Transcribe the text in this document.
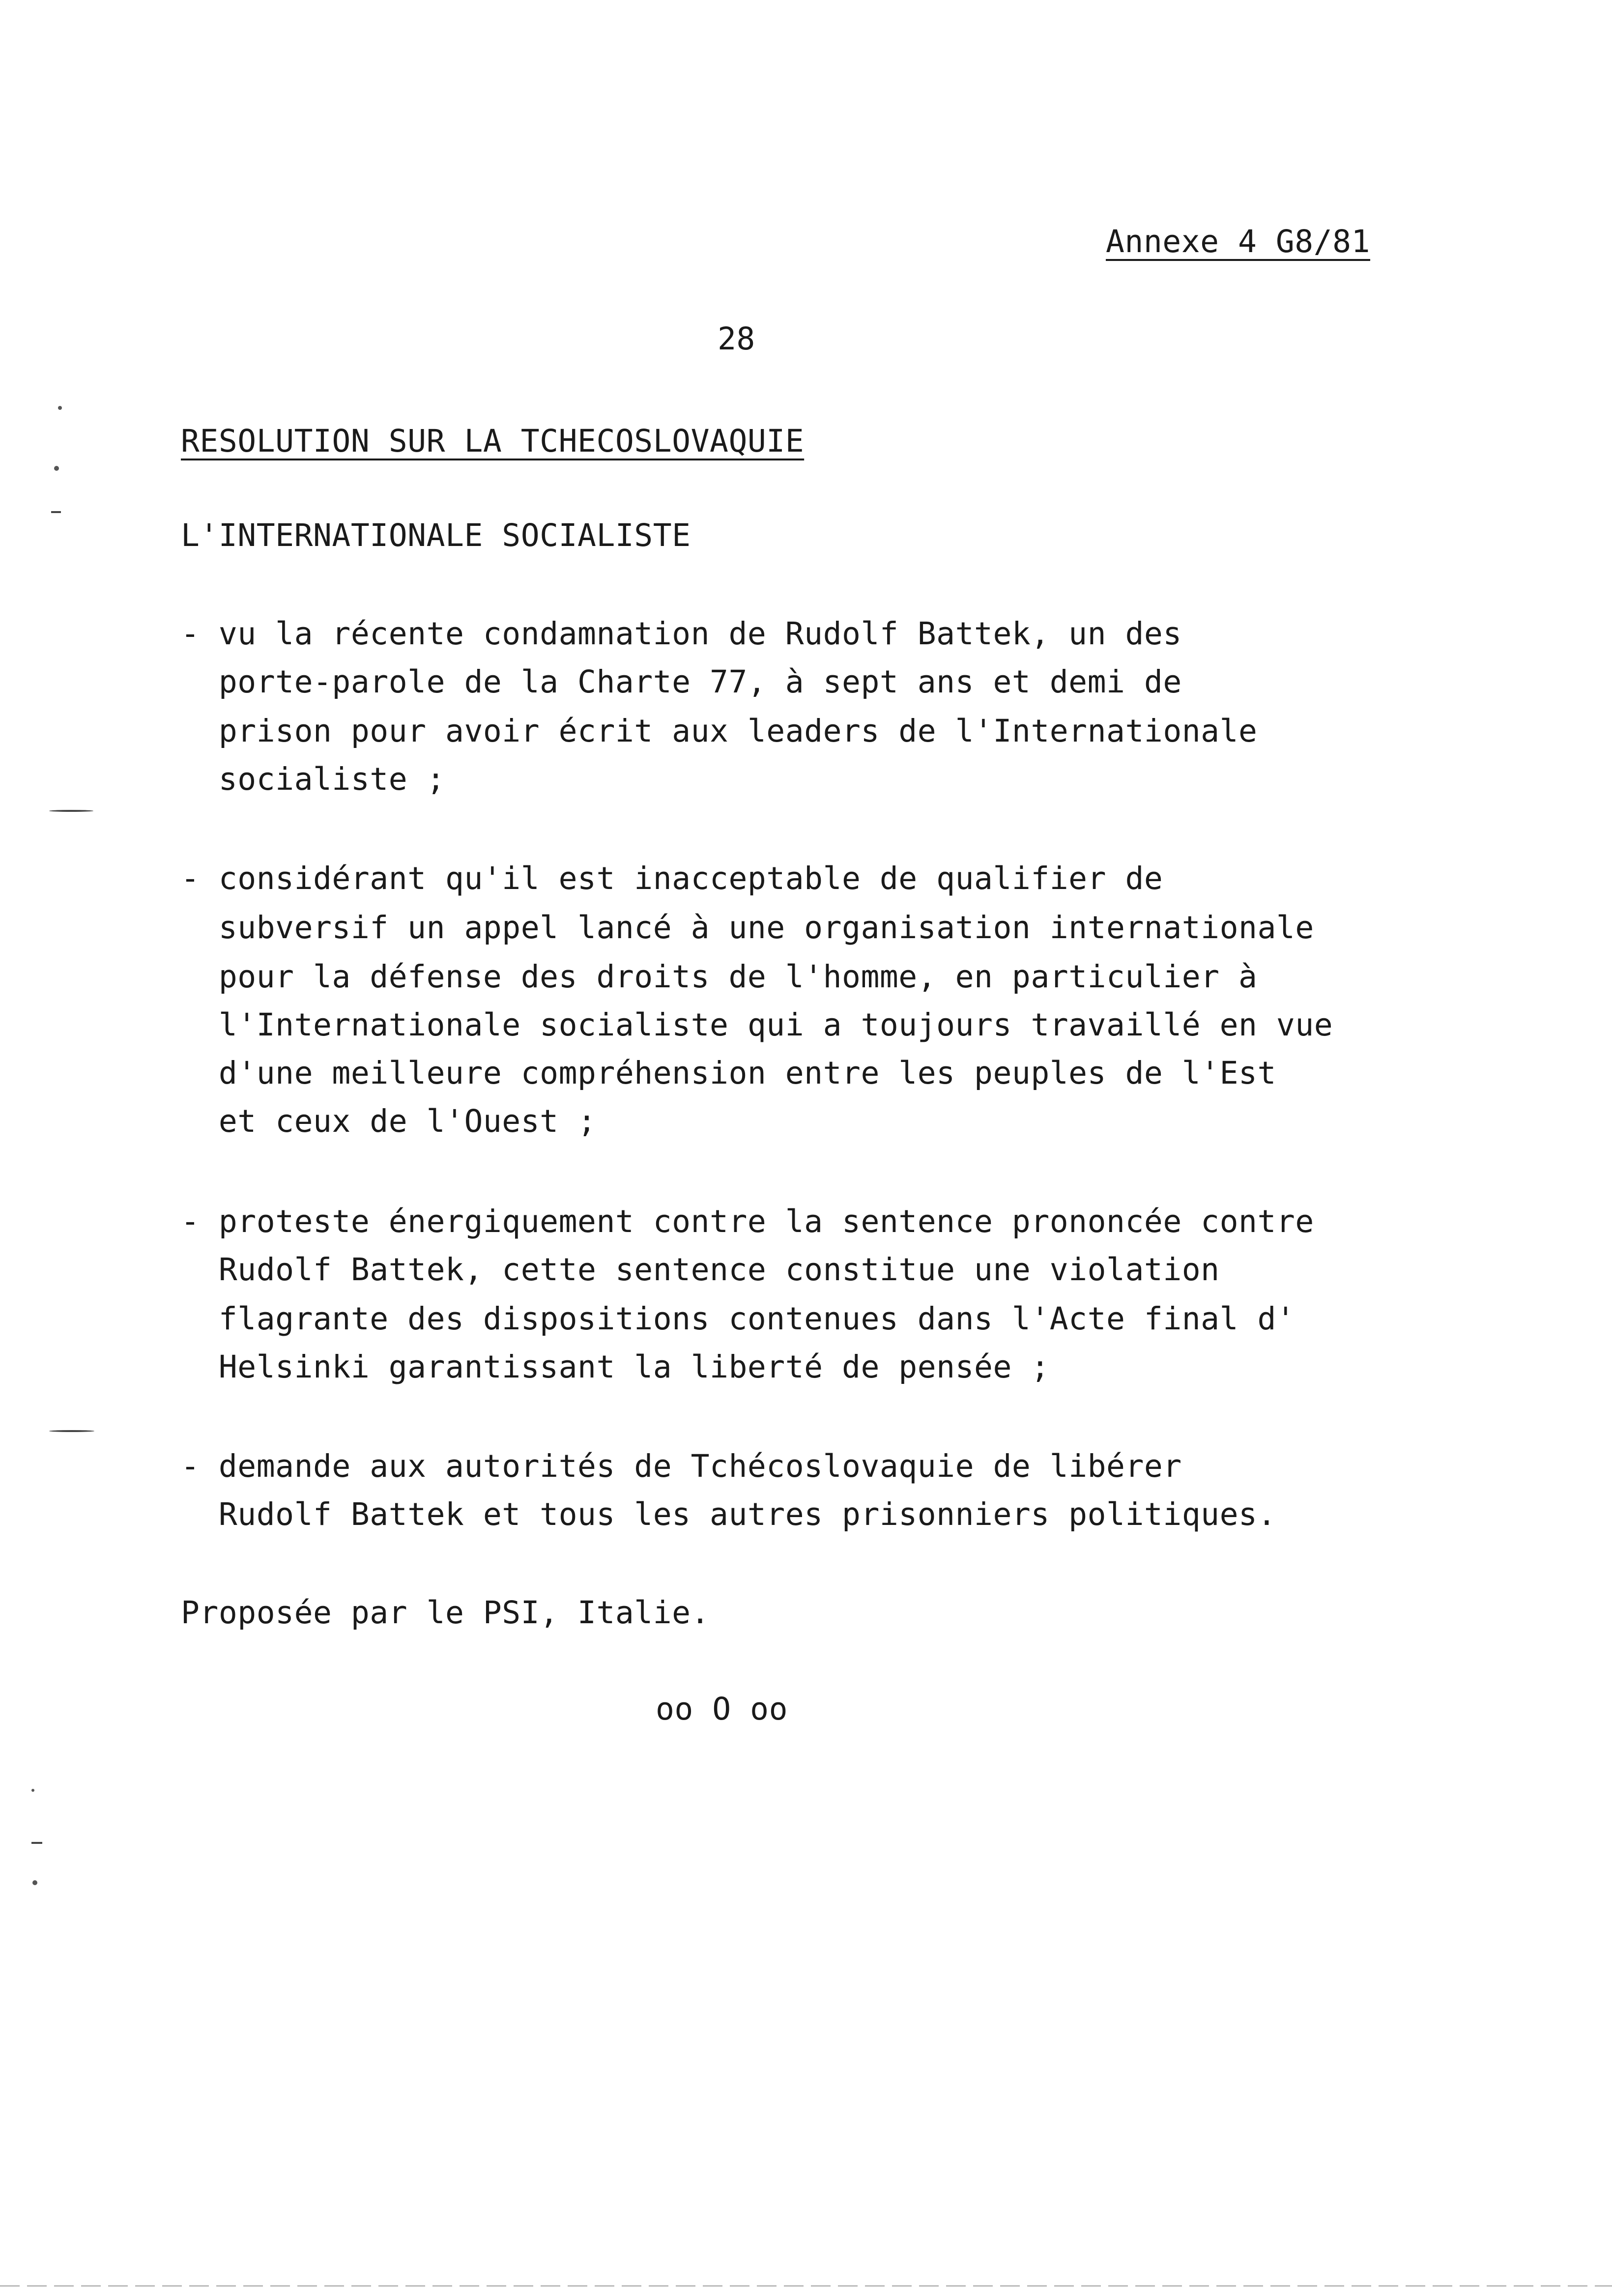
Annexe 4 G8/81
28
RESOLUTION SUR LA TCHECOSLOVAQUIE
L'INTERNATIONALE SOCIALISTE
- vu la récente condamnation de Rudolf Battek, un des
porte-parole de la Charte 77, à sept ans et demi de
prison pour avoir écrit aux leaders de l'Internationale
socialiste ;
- considérant qu'il est inacceptable de qualifier de
subversif un appel lancé à une organisation internationale
pour la défense des droits de l'homme, en particulier à
l'Internationale socialiste qui a toujours travaillé en vue
d'une meilleure compréhension entre les peuples de l'Est
et ceux de l'Ouest ;
- proteste énergiquement contre la sentence prononcée contre
Rudolf Battek, cette sentence constitue une violation
flagrante des dispositions contenues dans l'Acte final d'
Helsinki garantissant la liberté de pensée ;
- demande aux autorités de Tchécoslovaquie de libérer
Rudolf Battek et tous les autres prisonniers politiques.
Proposée par le PSI, Italie.
oo O oo
